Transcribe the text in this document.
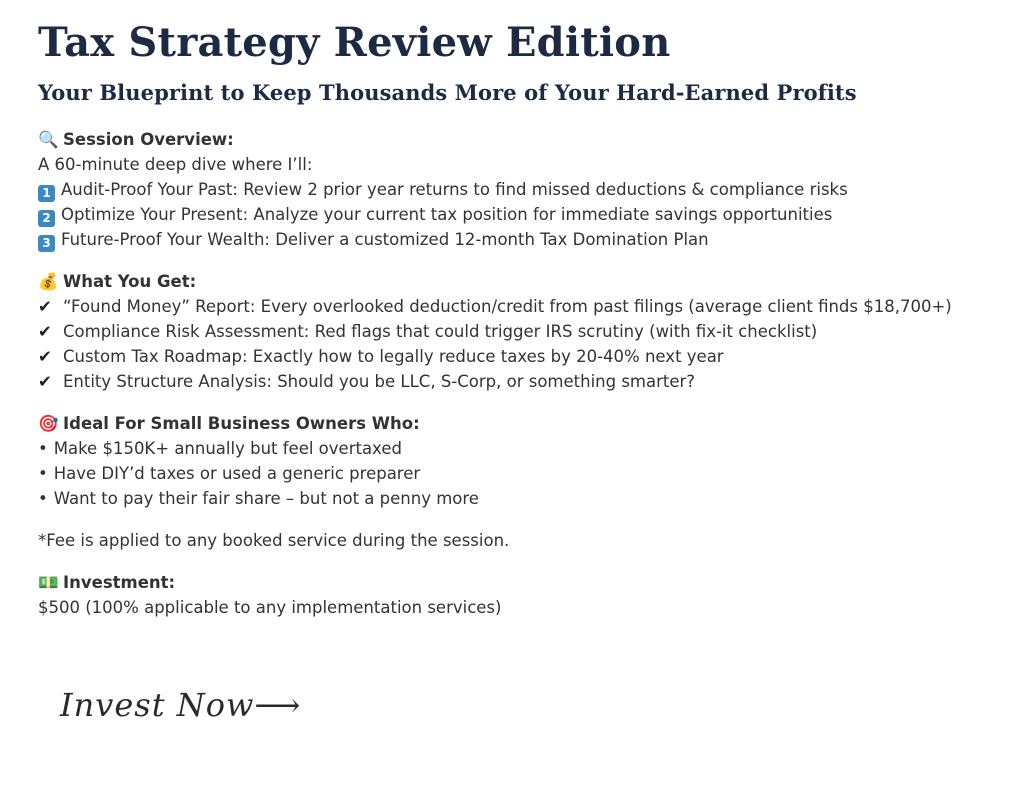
Tax Strategy Review Edition
Your Blueprint to Keep Thousands More of Your Hard-Earned Profits
🔍 Session Overview:
A 60-minute deep dive where I’ll:
1 Audit-Proof Your Past: Review 2 prior year returns to find missed deductions & compliance risks
2 Optimize Your Present: Analyze your current tax position for immediate savings opportunities
3 Future-Proof Your Wealth: Deliver a customized 12-month Tax Domination Plan
💰 What You Get:
✔ “Found Money” Report: Every overlooked deduction/credit from past filings (average client finds $18,700+)
✔ Compliance Risk Assessment: Red flags that could trigger IRS scrutiny (with fix-it checklist)
✔ Custom Tax Roadmap: Exactly how to legally reduce taxes by 20-40% next year
✔ Entity Structure Analysis: Should you be LLC, S-Corp, or something smarter?
🎯 Ideal For Small Business Owners Who:
• Make $150K+ annually but feel overtaxed
• Have DIY’d taxes or used a generic preparer
• Want to pay their fair share – but not a penny more
*Fee is applied to any booked service during the session.
💵 Investment:
$500 (100% applicable to any implementation services)
Invest Now⟶
